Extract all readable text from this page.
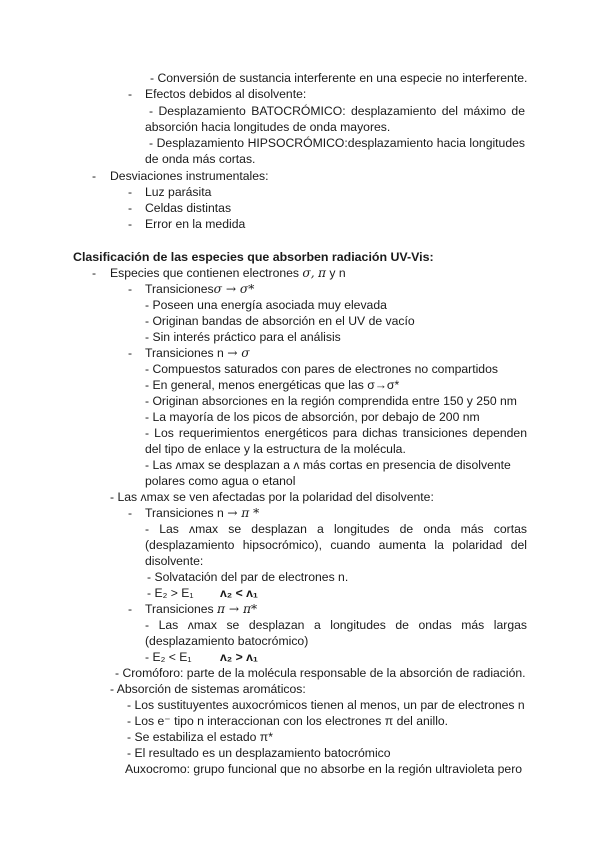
- Conversión de sustancia interferente en una especie no interferente.
- Efectos debidos al disolvente:
- Desplazamiento BATOCRÓMICO: desplazamiento del máximo de
absorción hacia longitudes de onda mayores.
- Desplazamiento HIPSOCRÓMICO:desplazamiento hacia longitudes
de onda más cortas.
- Desviaciones instrumentales:
- Luz parásita
- Celdas distintas
- Error en la medida
Clasificación de las especies que absorben radiación UV-Vis:
- Especies que contienen electrones σ, π y n
- Transicionesσ → σ*
- Poseen una energía asociada muy elevada
- Originan bandas de absorción en el UV de vacío
- Sin interés práctico para el análisis
- Transiciones n → σ
- Compuestos saturados con pares de electrones no compartidos
- En general, menos energéticas que las σ→σ*
- Originan absorciones en la región comprendida entre 150 y 250 nm
- La mayoría de los picos de absorción, por debajo de 200 nm
- Los requerimientos energéticos para dichas transiciones dependen
del tipo de enlace y la estructura de la molécula.
- Las ʌmax se desplazan a ʌ más cortas en presencia de disolvente
polares como agua o etanol
- Las ʌmax se ven afectadas por la polaridad del disolvente:
- Transiciones n → π *
- Las ʌmax se desplazan a longitudes de onda más cortas
(desplazamiento hipsocrómico), cuando aumenta la polaridad del
disolvente:
- Solvatación del par de electrones n.
- E₂ > E₁ ʌ₂ < ʌ₁
- Transiciones π → π*
- Las ʌmax se desplazan a longitudes de ondas más largas
(desplazamiento batocrómico)
- E₂ < E₁ ʌ₂ > ʌ₁
- Cromóforo: parte de la molécula responsable de la absorción de radiación.
- Absorción de sistemas aromáticos:
- Los sustituyentes auxocrómicos tienen al menos, un par de electrones n
- Los e⁻ tipo n interaccionan con los electrones π del anillo.
- Se estabiliza el estado π*
- El resultado es un desplazamiento batocrómico
Auxocromo: grupo funcional que no absorbe en la región ultravioleta pero
